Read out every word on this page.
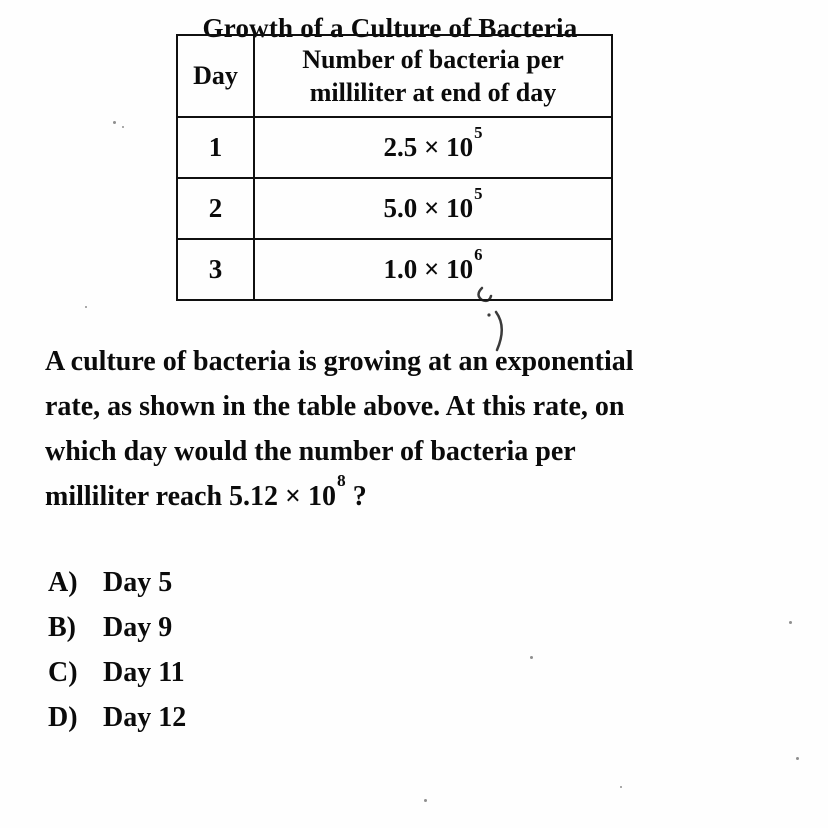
Growth of a Culture of Bacteria
Day	Number of bacteria per
milliliter at end of day

1	$2.5 \times 10^5$
2	$5.0 \times 10^5$
3	$1.0 \times 10^6$

A culture of bacteria is growing at an exponential

rate, as shown in the table above. At this rate, on

which day would the number of bacteria per

milliliter reach $5.12 \times 10^8$ ?

A) Day 5
B) Day 9
C) Day 11
D) Day 12
